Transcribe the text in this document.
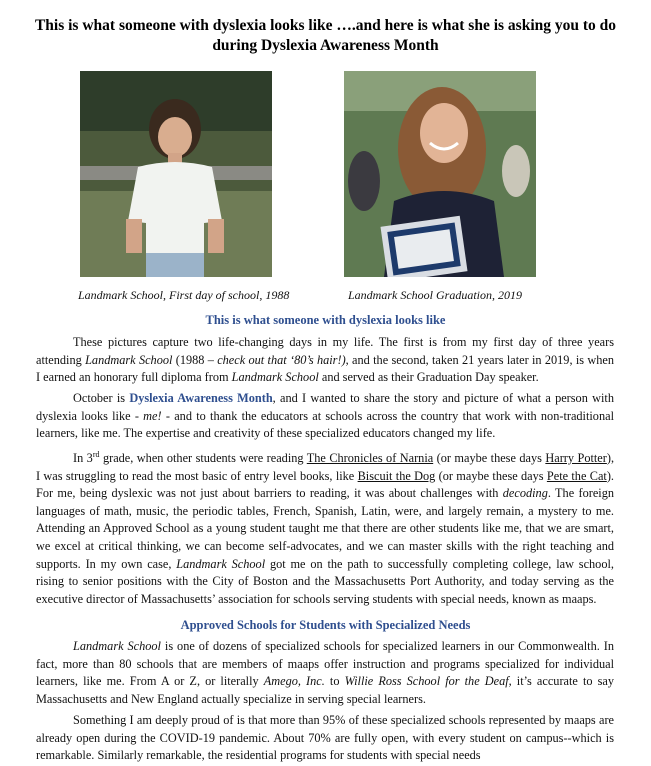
This is what someone with dyslexia looks like ….and here is what she is asking you to do during Dyslexia Awareness Month
Landmark School, First day of school, 1988	Landmark School Graduation, 2019
This is what someone with dyslexia looks like

These pictures capture two life-changing days in my life. The first is from my first day of three years attending Landmark School (1988 – check out that ‘80’s hair!), and the second, taken 21 years later in 2019, is when I earned an honorary full diploma from Landmark School and served as their Graduation Day speaker.

October is Dyslexia Awareness Month, and I wanted to share the story and picture of what a person with dyslexia looks like - me! - and to thank the educators at schools across the country that work with non-traditional learners, like me. The expertise and creativity of these specialized educators changed my life.

In 3rd grade, when other students were reading The Chronicles of Narnia (or maybe these days Harry Potter), I was struggling to read the most basic of entry level books, like Biscuit the Dog (or maybe these days Pete the Cat). For me, being dyslexic was not just about barriers to reading, it was about challenges with decoding. The foreign languages of math, music, the periodic tables, French, Spanish, Latin, were, and largely remain, a mystery to me. Attending an Approved School as a young student taught me that there are other students like me, that we are smart, we excel at critical thinking, we can become self-advocates, and we can master skills with the right teaching and supports. In my own case, Landmark School got me on the path to successfully completing college, law school, rising to senior positions with the City of Boston and the Massachusetts Port Authority, and today serving as the executive director of Massachusetts’ association for schools serving students with special needs, known as maaps.

Approved Schools for Students with Specialized Needs

Landmark School is one of dozens of specialized schools for specialized learners in our Commonwealth. In fact, more than 80 schools that are members of maaps offer instruction and programs specialized for individual learners, like me. From A or Z, or literally Amego, Inc. to Willie Ross School for the Deaf, it’s accurate to say Massachusetts and New England actually specialize in serving special learners.

Something I am deeply proud of is that more than 95% of these specialized schools represented by maaps are already open during the COVID-19 pandemic. About 70% are fully open, with every student on campus--which is remarkable. Similarly remarkable, the residential programs for students with special needs
